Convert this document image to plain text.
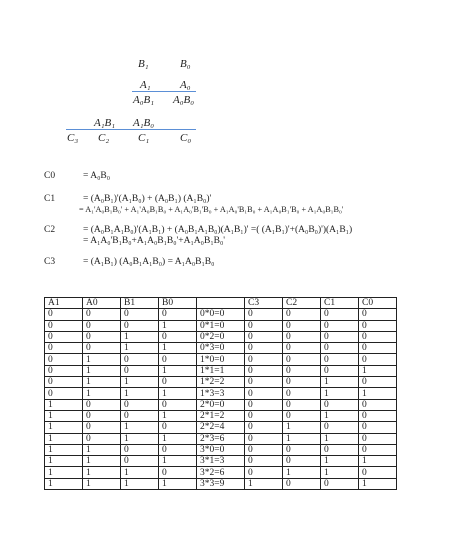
B₁	B₀
A₁	A₀
A₀B₁ A₀B₀
A₁B₁ A₁B₀
C₃ C₂	C₁	C₀
C0	= A₀B₀
C1	= (A₀B₁)'(A₁B₀) + (A₀B₁) (A₁B₀)'
= A₁'A₀B₁B₀' + A₁'A₀B₁B₀ + A₁A₀'B₁'B₀ + A₁A₀'B₁B₀ + A₁A₀B₁'B₀ + A₁A₀B₁B₀'
C2	= (A₀B₁A₁B₀)'(A₁B₁) + (A₀B₁A₁B₀)(A₁B₁)' =( (A₁B₁)'+(A₀B₀)')(A₁B₁)
= A₁A₀'B₁B₀+A₁A₀B₁B₀'+A₁A₀B₁B₀'
C3	= (A₁B₁) (A₀B₁A₁B₀) = A₁A₀B₁B₀
A1	A0	B1	B0		C3	C2	C1	C0
0	0	0	0	0*0=0	0	0	0	0
0	0	0	1	0*1=0	0	0	0	0
0	0	1	0	0*2=0	0	0	0	0
0	0	1	1	0*3=0	0	0	0	0
0	1	0	0	1*0=0	0	0	0	0
0	1	0	1	1*1=1	0	0	0	1
0	1	1	0	1*2=2	0	0	1	0
0	1	1	1	1*3=3	0	0	1	1
1	0	0	0	2*0=0	0	0	0	0
1	0	0	1	2*1=2	0	0	1	0
1	0	1	0	2*2=4	0	1	0	0
1	0	1	1	2*3=6	0	1	1	0
1	1	0	0	3*0=0	0	0	0	0
1	1	0	1	3*1=3	0	0	1	1
1	1	1	0	3*2=6	0	1	1	0
1	1	1	1	3*3=9	1	0	0	1
